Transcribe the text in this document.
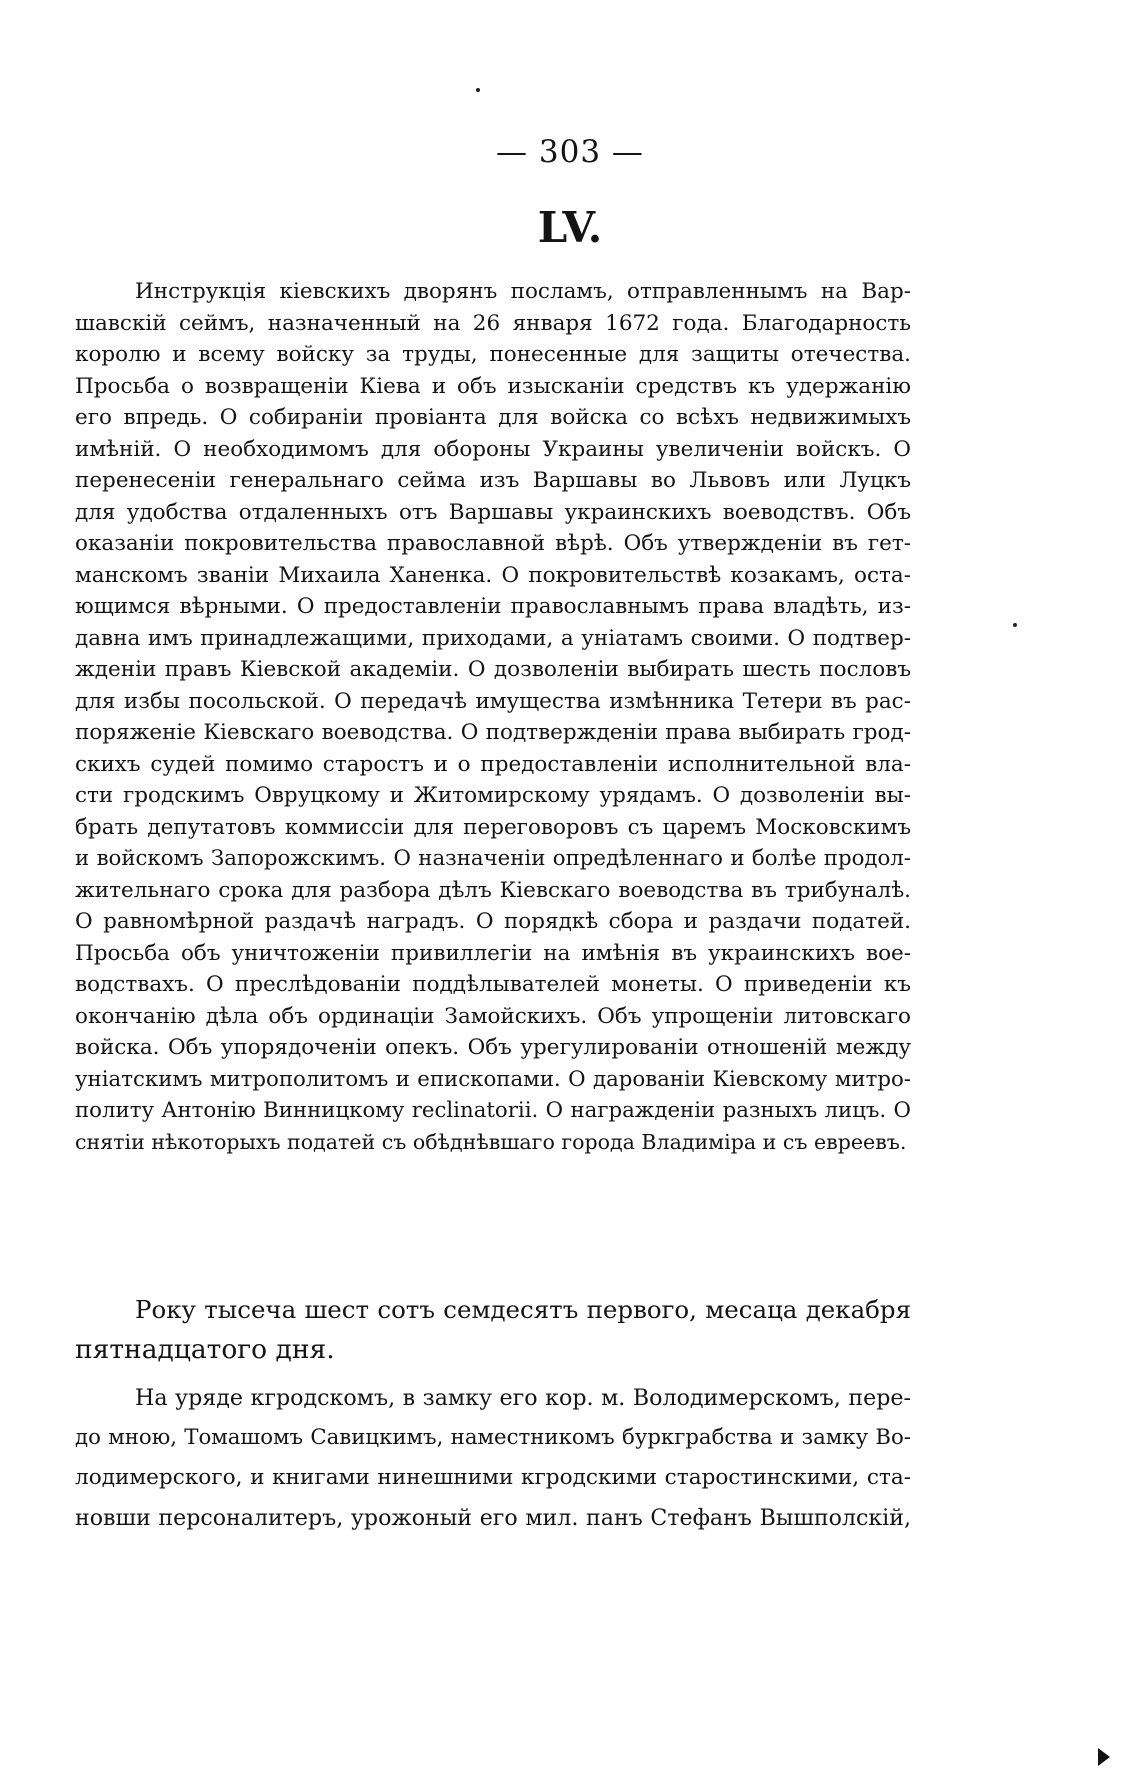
— 303 —
LV.
Инструкція кіевскихъ дворянъ посламъ, отправленнымъ на Вар-
шавскій сеймъ, назначенный на 26 января 1672 года. Благодарность
королю и всему войску за труды, понесенные для защиты отечества.
Просьба о возвращеніи Кіева и объ изысканіи средствъ къ удержанію
его впредь. О собираніи провіанта для войска со всѣхъ недвижимыхъ
имѣній. О необходимомъ для обороны Украины увеличеніи войскъ. О
перенесеніи генеральнаго сейма изъ Варшавы во Львовъ или Луцкъ
для удобства отдаленныхъ отъ Варшавы украинскихъ воеводствъ. Объ
оказаніи покровительства православной вѣрѣ. Объ утвержденіи въ гет-
манскомъ званіи Михаила Ханенка. О покровительствѣ козакамъ, оста-
ющимся вѣрными. О предоставленіи православнымъ права владѣть, из-
давна имъ принадлежащими, приходами, а уніатамъ своими. О подтвер-
жденіи правъ Кіевской академіи. О дозволеніи выбирать шесть пословъ
для избы посольской. О передачѣ имущества измѣнника Тетери въ рас-
поряженіе Кіевскаго воеводства. О подтвержденіи права выбирать грод-
скихъ судей помимо старостъ и о предоставленіи исполнительной вла-
сти гродскимъ Овруцкому и Житомирскому урядамъ. О дозволеніи вы-
брать депутатовъ коммиссіи для переговоровъ съ царемъ Московскимъ
и войскомъ Запорожскимъ. О назначеніи опредѣленнаго и болѣе продол-
жительнаго срока для разбора дѣлъ Кіевскаго воеводства въ трибуналѣ.
О равномѣрной раздачѣ наградъ. О порядкѣ сбора и раздачи податей.
Просьба объ уничтоженіи привиллегіи на имѣнія въ украинскихъ вое-
водствахъ. О преслѣдованіи поддѣлывателей монеты. О приведеніи къ
окончанію дѣла объ ординаціи Замойскихъ. Объ упрощеніи литовскаго
войска. Объ упорядоченіи опекъ. Объ урегулированіи отношеній между
уніатскимъ митрополитомъ и епископами. О дарованіи Кіевскому митро-
политу Антонію Винницкому reclinatorii. О награжденіи разныхъ лицъ. О
снятіи нѣкоторыхъ податей съ обѣднѣвшаго города Владиміра и съ евреевъ.
Року тысеча шест сотъ семдесятъ первого, месаца декабря
пятнадцатого дня.
На уряде кгродскомъ, в замку его кор. м. Володимерскомъ, пере-
до мною, Томашомъ Савицкимъ, наместникомъ буркграбства и замку Во-
лодимерского, и книгами нинешними кгродскими старостинскими, ста-
новши персоналитеръ, урожоный его мил. панъ Стефанъ Вышполскій,
